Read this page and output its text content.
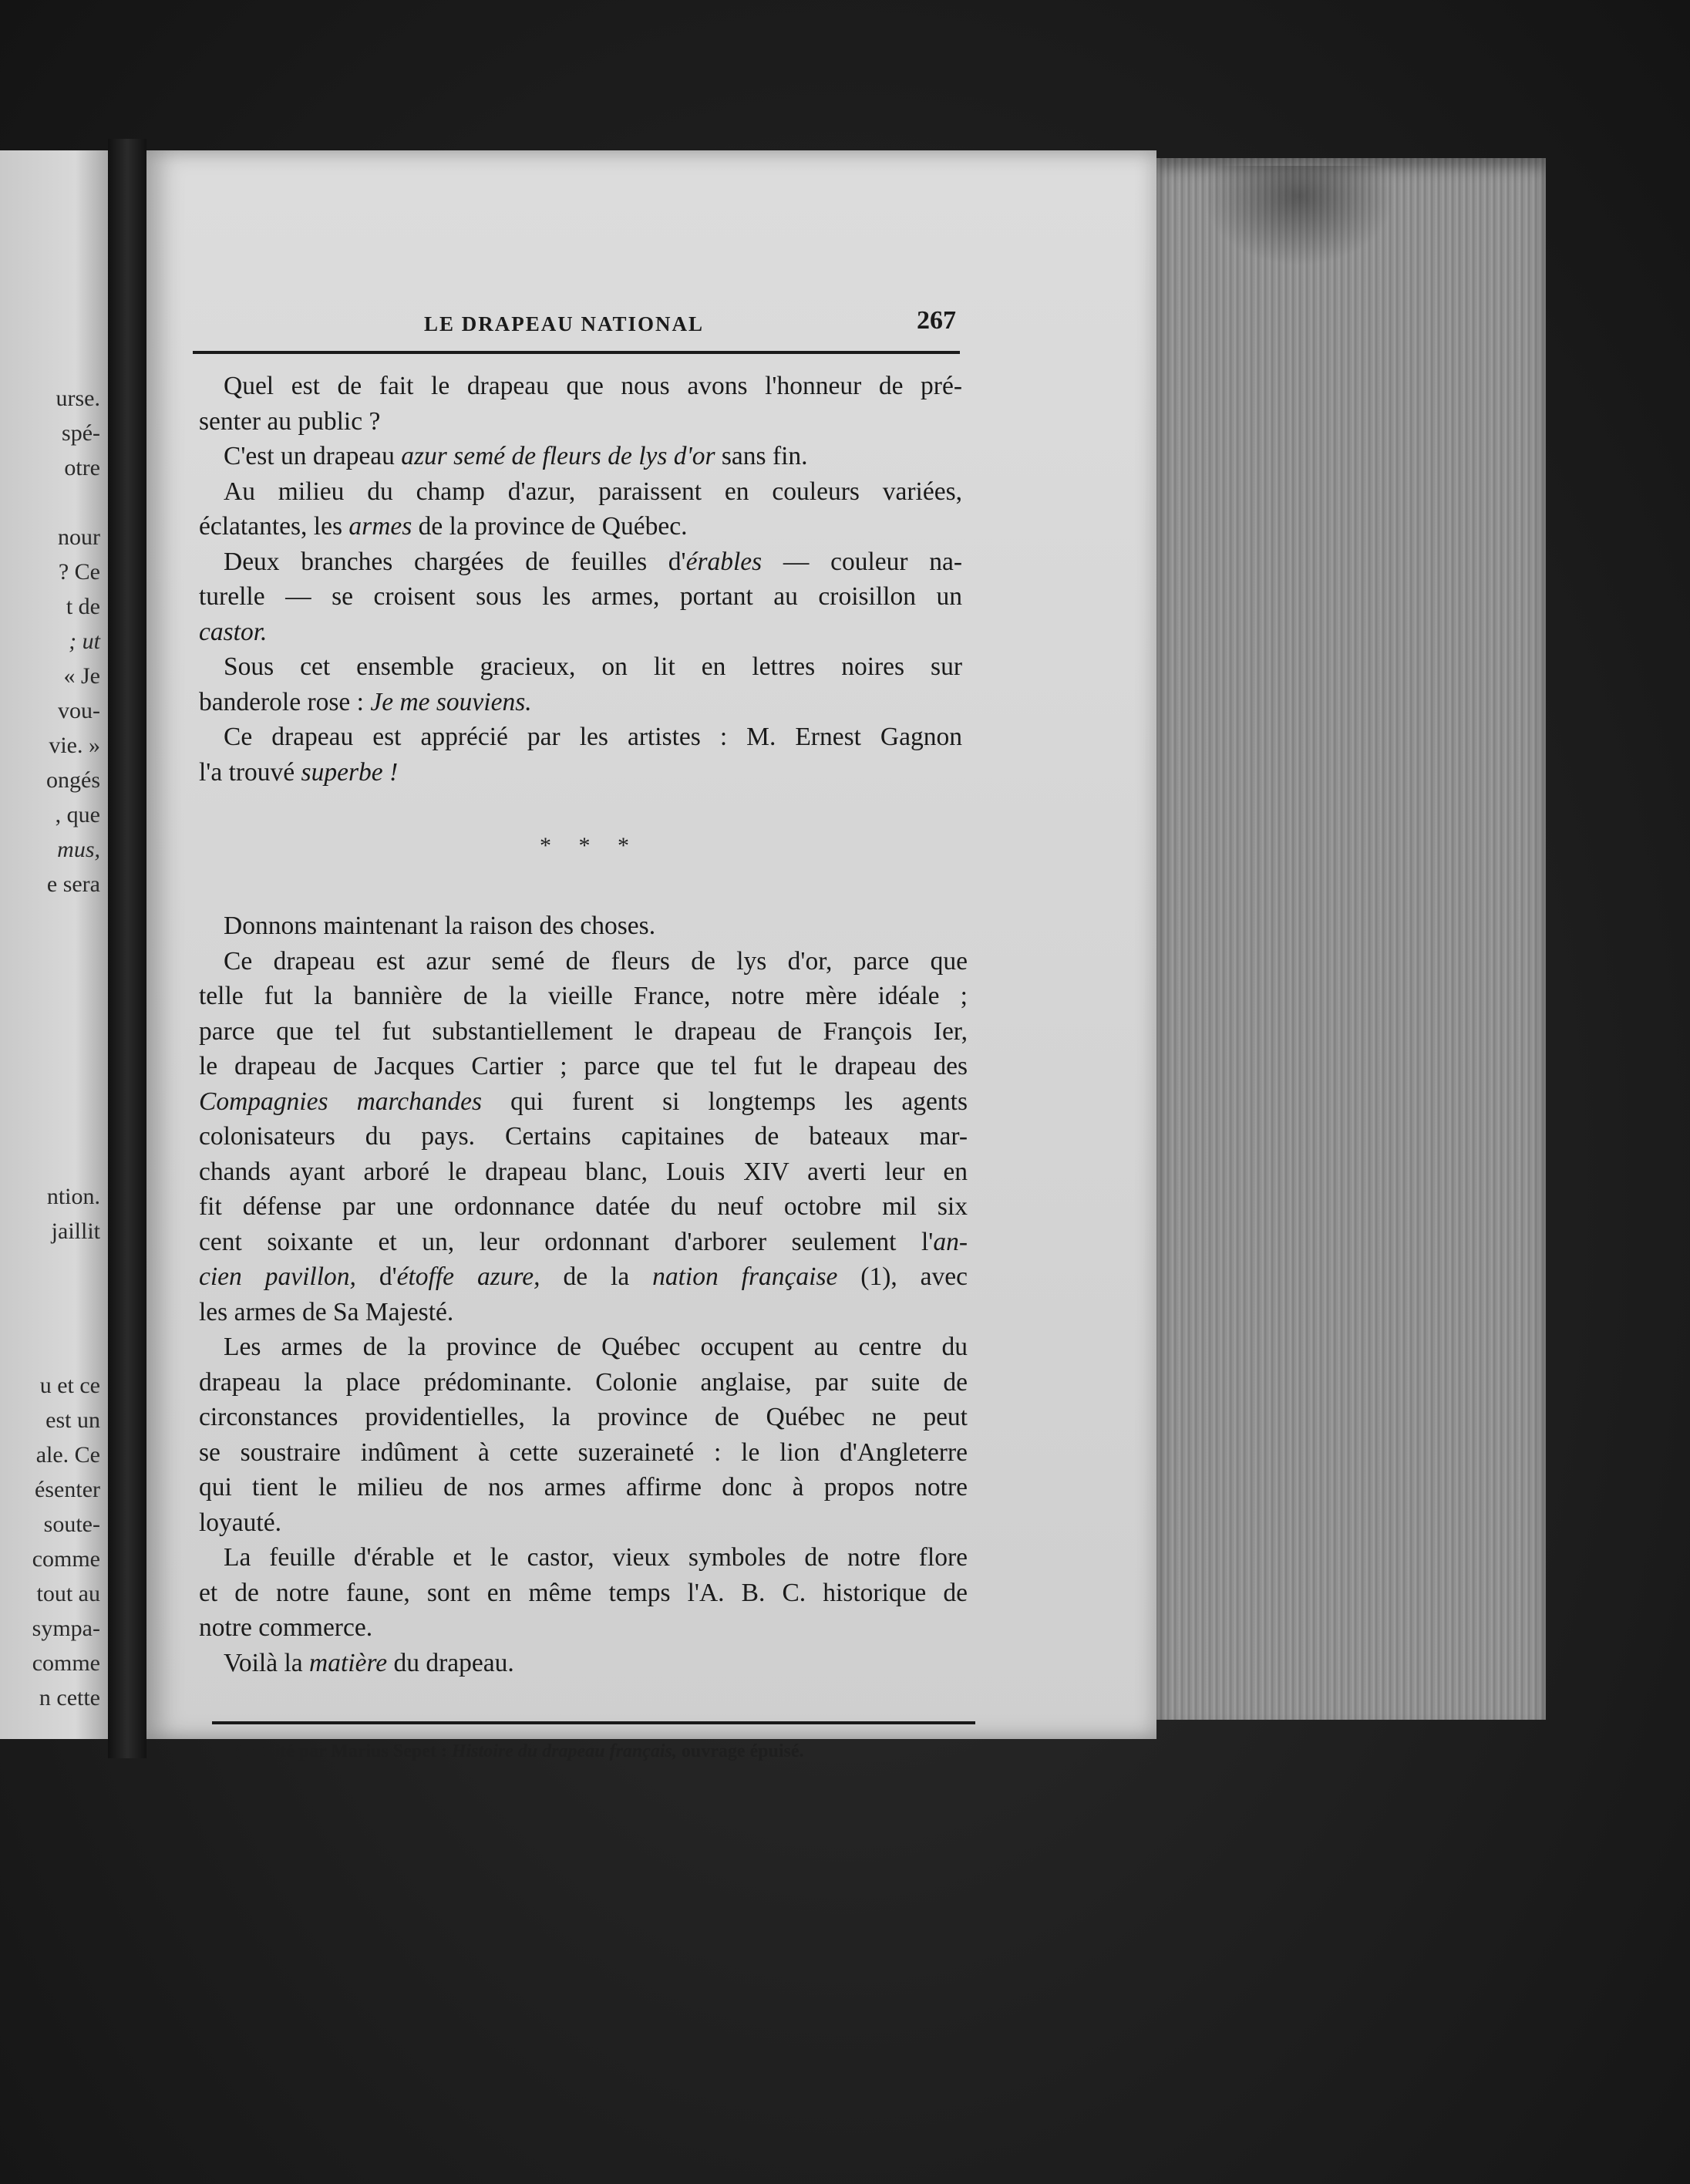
urse.
spé-
otre
nour
? Ce
t de
; ut
« Je
vou-
vie. »
ongés
, que
mus,
e sera
ntion.
jaillit
u et ce
est un
ale. Ce
ésenter
soute-
comme
tout au
sympa-
comme
n cette
LE DRAPEAU NATIONAL	267
Quel est de fait le drapeau que nous avons l'honneur de pré-
senter au public ?
C'est un drapeau azur semé de fleurs de lys d'or sans fin.
Au milieu du champ d'azur, paraissent en couleurs variées,
éclatantes, les armes de la province de Québec.
Deux branches chargées de feuilles d'érables — couleur na-
turelle — se croisent sous les armes, portant au croisillon un
castor.
Sous cet ensemble gracieux, on lit en lettres noires sur
banderole rose : Je me souviens.
Ce drapeau est apprécié par les artistes : M. Ernest Gagnon
l'a trouvé superbe !
* * *
Donnons maintenant la raison des choses.
Ce drapeau est azur semé de fleurs de lys d'or, parce que
telle fut la bannière de la vieille France, notre mère idéale ;
parce que tel fut substantiellement le drapeau de François Ier,
le drapeau de Jacques Cartier ; parce que tel fut le drapeau des
Compagnies marchandes qui furent si longtemps les agents
colonisateurs du pays. Certains capitaines de bateaux mar-
chands ayant arboré le drapeau blanc, Louis XIV averti leur en
fit défense par une ordonnance datée du neuf octobre mil six
cent soixante et un, leur ordonnant d'arborer seulement l'an-
cien pavillon, d'étoffe azure, de la nation française (1), avec
les armes de Sa Majesté.
Les armes de la province de Québec occupent au centre du
drapeau la place prédominante. Colonie anglaise, par suite de
circonstances providentielles, la province de Québec ne peut
se soustraire indûment à cette suzeraineté : le lion d'Angleterre
qui tient le milieu de nos armes affirme donc à propos notre
loyauté.
La feuille d'érable et le castor, vieux symboles de notre flore
et de notre faune, sont en même temps l'A. B. C. historique de
notre commerce.
Voilà la matière du drapeau.
(1) Cité par Marius Sepet : Histoire du drapeau français, ouvrage épuisé.
